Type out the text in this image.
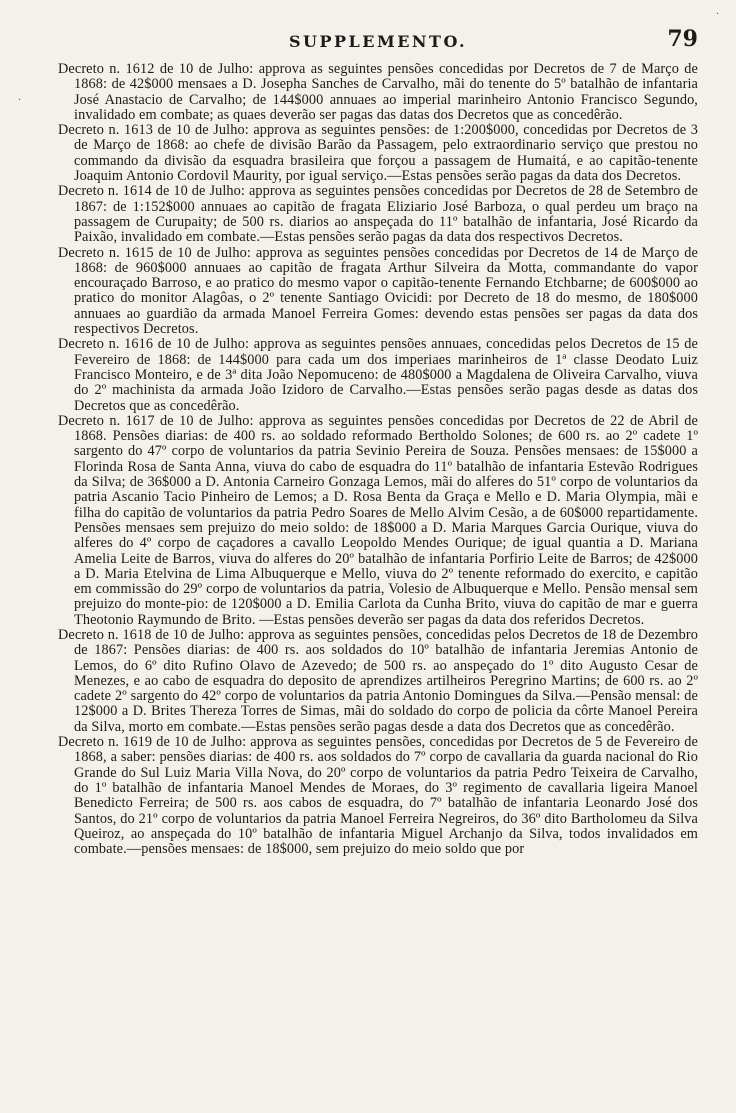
.
.
SUPPLEMENTO.	79

Decreto n. 1612 de 10 de Julho: approva as seguintes pensões concedidas por Decretos de 7 de Março de 1868: de 42$000 mensaes a D. Josepha Sanches de Carvalho, mãi do tenente do 5º batalhão de infantaria José Anastacio de Carvalho; de 144$000 annuaes ao imperial marinheiro Antonio Francisco Segundo, invalidado em combate; as quaes deverão ser pagas das datas dos Decretos que as concedêrão.

Decreto n. 1613 de 10 de Julho: approva as seguintes pensões: de 1:200$000, concedidas por Decretos de 3 de Março de 1868: ao chefe de divisão Barão da Passagem, pelo extraordinario serviço que prestou no commando da divisão da esquadra brasileira que forçou a passagem de Humaitá, e ao capitão-tenente Joaquim Antonio Cordovil Maurity, por igual serviço.—Estas pensões serão pagas da data dos Decretos.

Decreto n. 1614 de 10 de Julho: approva as seguintes pensões concedidas por Decretos de 28 de Setembro de 1867: de 1:152$000 annuaes ao capitão de fragata Eliziario José Barboza, o qual perdeu um braço na passagem de Curupaity; de 500 rs. diarios ao anspeçada do 11º batalhão de infantaria, José Ricardo da Paixão, invalidado em combate.—Estas pensões serão pagas da data dos respectivos Decretos.

Decreto n. 1615 de 10 de Julho: approva as seguintes pensões concedidas por Decretos de 14 de Março de 1868: de 960$000 annuaes ao capitão de fragata Arthur Silveira da Motta, commandante do vapor encouraçado Barroso, e ao pratico do mesmo vapor o capitão-tenente Fernando Etchbarne; de 600$000 ao pratico do monitor Alagôas, o 2º tenente Santiago Ovicidi: por Decreto de 18 do mesmo, de 180$000 annuaes ao guardião da armada Manoel Ferreira Gomes: devendo estas pensões ser pagas da data dos respectivos Decretos.

Decreto n. 1616 de 10 de Julho: approva as seguintes pensões annuaes, concedidas pelos Decretos de 15 de Fevereiro de 1868: de 144$000 para cada um dos imperiaes marinheiros de 1ª classe Deodato Luiz Francisco Monteiro, e de 3ª dita João Nepomuceno: de 480$000 a Magdalena de Oliveira Carvalho, viuva do 2º machinista da armada João Izidoro de Carvalho.—Estas pensões serão pagas desde as datas dos Decretos que as concedêrão.

Decreto n. 1617 de 10 de Julho: approva as seguintes pensões concedidas por Decretos de 22 de Abril de 1868. Pensões diarias: de 400 rs. ao soldado reformado Bertholdo Solones; de 600 rs. ao 2º cadete 1º sargento do 47º corpo de voluntarios da patria Sevinio Pereira de Souza. Pensões mensaes: de 15$000 a Florinda Rosa de Santa Anna, viuva do cabo de esquadra do 11º batalhão de infantaria Estevão Rodrigues da Silva; de 36$000 a D. Antonia Carneiro Gonzaga Lemos, mãi do alferes do 51º corpo de voluntarios da patria Ascanio Tacio Pinheiro de Lemos; a D. Rosa Benta da Graça e Mello e D. Maria Olympia, mãi e filha do capitão de voluntarios da patria Pedro Soares de Mello Alvim Cesão, a de 60$000 repartidamente. Pensões mensaes sem prejuizo do meio soldo: de 18$000 a D. Maria Marques Garcia Ourique, viuva do alferes do 4º corpo de caçadores a cavallo Leopoldo Mendes Ourique; de igual quantia a D. Mariana Amelia Leite de Barros, viuva do alferes do 20º batalhão de infantaria Porfirio Leite de Barros; de 42$000 a D. Maria Etelvina de Lima Albuquerque e Mello, viuva do 2º tenente reformado do exercito, e capitão em commissão do 29º corpo de voluntarios da patria, Volesio de Albuquerque e Mello. Pensão mensal sem prejuizo do monte-pio: de 120$000 a D. Emilia Carlota da Cunha Brito, viuva do capitão de mar e guerra Theotonio Raymundo de Brito. —Estas pensões deverão ser pagas da data dos referidos Decretos.

Decreto n. 1618 de 10 de Julho: approva as seguintes pensões, concedidas pelos Decretos de 18 de Dezembro de 1867: Pensões diarias: de 400 rs. aos soldados do 10º batalhão de infantaria Jeremias Antonio de Lemos, do 6º dito Rufino Olavo de Azevedo; de 500 rs. ao anspeçado do 1º dito Augusto Cesar de Menezes, e ao cabo de esquadra do deposito de aprendizes artilheiros Peregrino Martins; de 600 rs. ao 2º cadete 2º sargento do 42º corpo de voluntarios da patria Antonio Domingues da Silva.—Pensão mensal: de 12$000 a D. Brites Thereza Torres de Simas, mãi do soldado do corpo de policia da côrte Manoel Pereira da Silva, morto em combate.—Estas pensões serão pagas desde a data dos Decretos que as concedêrão.

Decreto n. 1619 de 10 de Julho: approva as seguintes pensões, concedidas por Decretos de 5 de Fevereiro de 1868, a saber: pensões diarias: de 400 rs. aos soldados do 7º corpo de cavallaria da guarda nacional do Rio Grande do Sul Luiz Maria Villa Nova, do 20º corpo de voluntarios da patria Pedro Teixeira de Carvalho, do 1º batalhão de infantaria Manoel Mendes de Moraes, do 3º regimento de cavallaria ligeira Manoel Benedicto Ferreira; de 500 rs. aos cabos de esquadra, do 7º batalhão de infantaria Leonardo José dos Santos, do 21º corpo de voluntarios da patria Manoel Ferreira Negreiros, do 36º dito Bartholomeu da Silva Queiroz, ao anspeçada do 10º batalhão de infantaria Miguel Archanjo da Silva, todos invalidados em combate.—pensões mensaes: de 18$000, sem prejuizo do meio soldo que por
